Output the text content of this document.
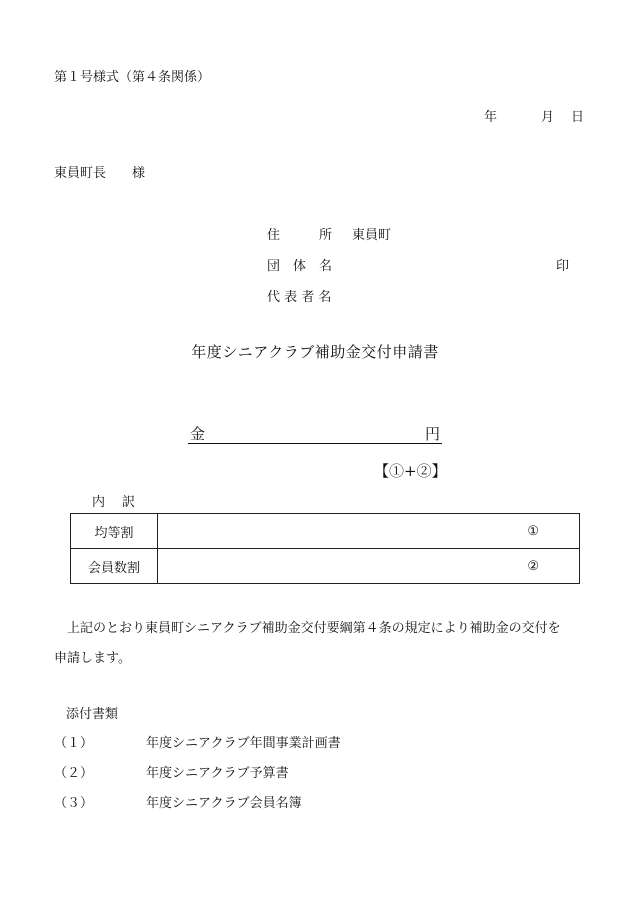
第１号様式（第４条関係）
年	月	日
東員町長 様
住　　　所	東員町
団　体　名
代 表 者 名
印
年度シニアクラブ補助金交付申請書
金	円
【①+②】
内　訳
均等割	①
会員数割	②

上記のとおり東員町シニアクラブ補助金交付要綱第４条の規定により補助金の交付を

申請します。

添付書類
（１）	年度シニアクラブ年間事業計画書
（２）	年度シニアクラブ予算書
（３）	年度シニアクラブ会員名簿
